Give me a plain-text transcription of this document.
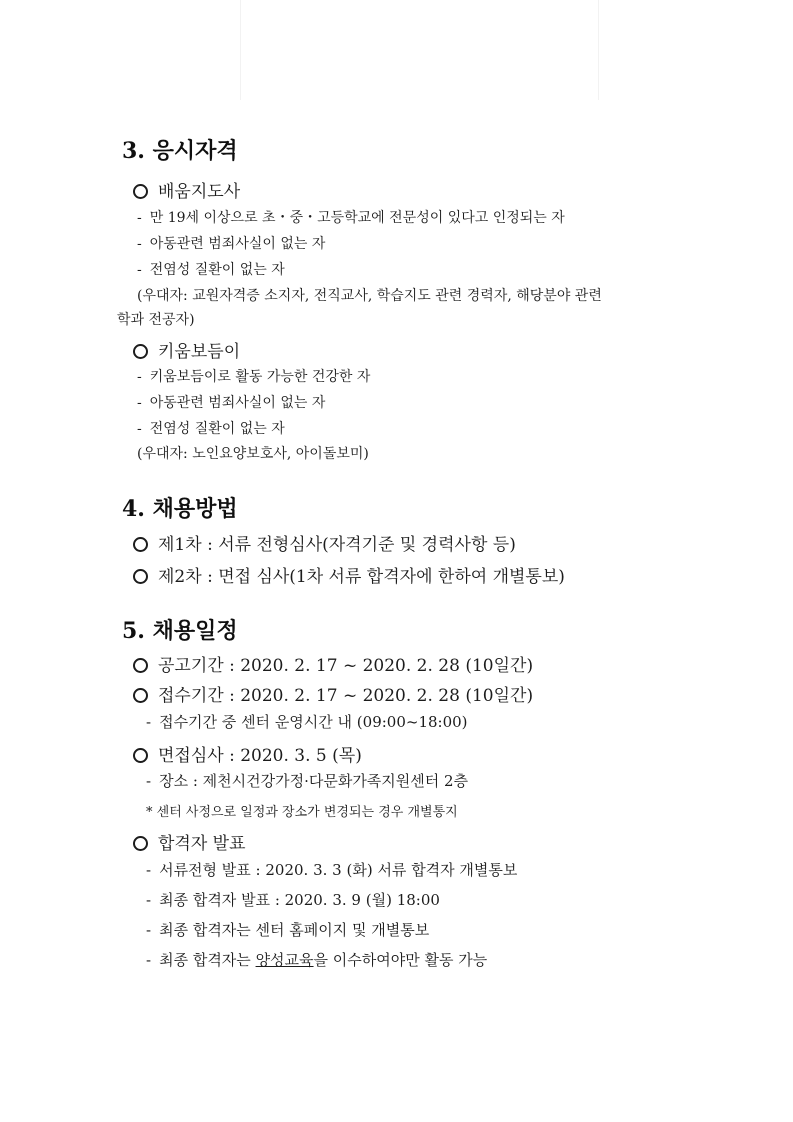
3. 응시자격
배움지도사
- 만 19세 이상으로 초・중・고등학교에 전문성이 있다고 인정되는 자
- 아동관련 범죄사실이 없는 자
- 전염성 질환이 없는 자
(우대자: 교원자격증 소지자, 전직교사, 학습지도 관련 경력자, 해당분야 관련
학과 전공자)
키움보듬이
- 키움보듬이로 활동 가능한 건강한 자
- 아동관련 범죄사실이 없는 자
- 전염성 질환이 없는 자
(우대자: 노인요양보호사, 아이돌보미)
4. 채용방법
제1차 : 서류 전형심사(자격기준 및 경력사항 등)
제2차 : 면접 심사(1차 서류 합격자에 한하여 개별통보)
5. 채용일정
공고기간 : 2020. 2. 17 ~ 2020. 2. 28 (10일간)
접수기간 : 2020. 2. 17 ~ 2020. 2. 28 (10일간)
- 접수기간 중 센터 운영시간 내 (09:00~18:00)
면접심사 : 2020. 3. 5 (목)
- 장소 : 제천시건강가정·다문화가족지원센터 2층
* 센터 사정으로 일정과 장소가 변경되는 경우 개별통지
합격자 발표
- 서류전형 발표 : 2020. 3. 3 (화) 서류 합격자 개별통보
- 최종 합격자 발표 : 2020. 3. 9 (월) 18:00
- 최종 합격자는 센터 홈페이지 및 개별통보
- 최종 합격자는 양성교육을 이수하여야만 활동 가능
